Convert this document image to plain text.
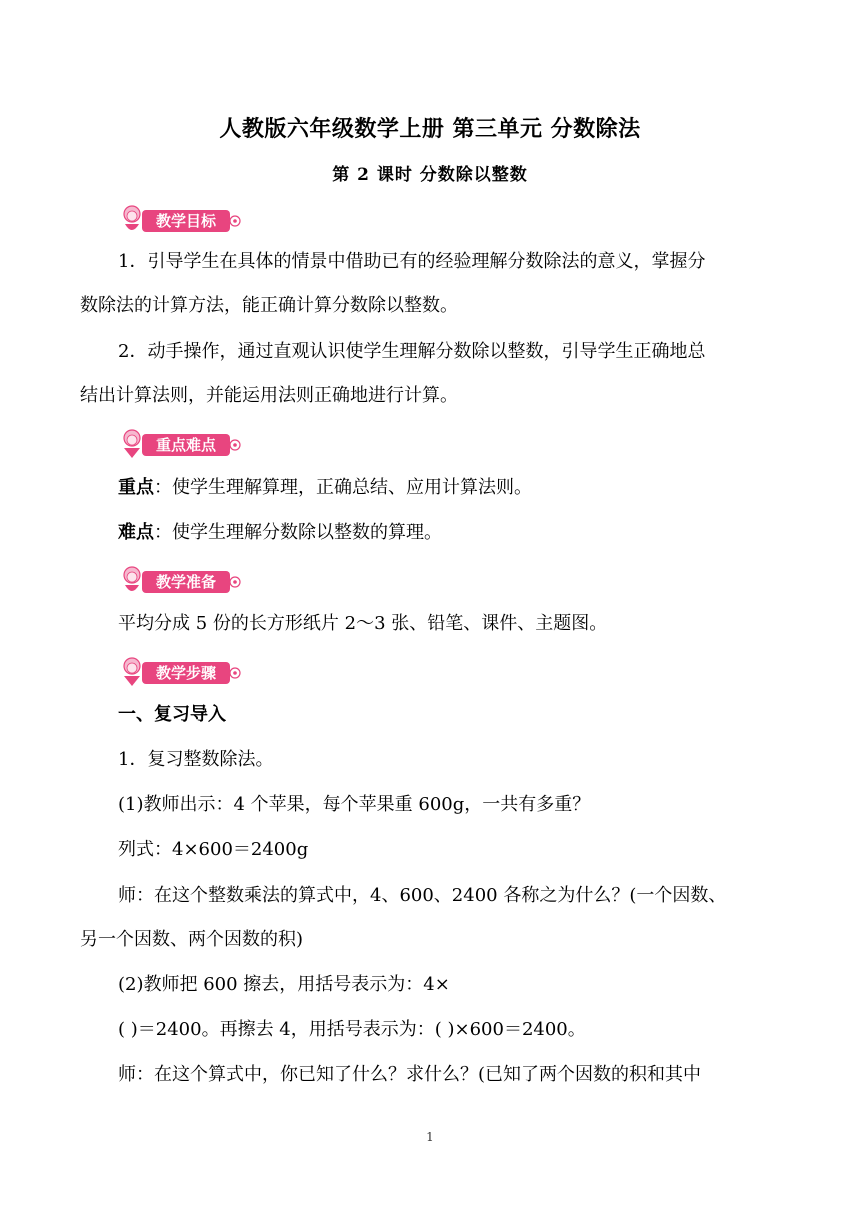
人教版六年级数学上册 第三单元 分数除法
第 2 课时 分数除以整数
教学目标
1．引导学生在具体的情景中借助已有的经验理解分数除法的意义，掌握分
数除法的计算方法，能正确计算分数除以整数。
2．动手操作，通过直观认识使学生理解分数除以整数，引导学生正确地总
结出计算法则，并能运用法则正确地进行计算。
重点难点
重点：使学生理解算理，正确总结、应用计算法则。
难点：使学生理解分数除以整数的算理。
教学准备
平均分成 5 份的长方形纸片 2～3 张、铅笔、课件、主题图。
教学步骤
一、复习导入
1．复习整数除法。
(1)教师出示：4 个苹果，每个苹果重 600g，一共有多重？
列式：4×600＝2400g
师：在这个整数乘法的算式中，4、600、2400 各称之为什么？(一个因数、
另一个因数、两个因数的积)
(2)教师把 600 擦去，用括号表示为：4×
( )＝2400。再擦去 4，用括号表示为：( )×600＝2400。
师：在这个算式中，你已知了什么？求什么？(已知了两个因数的积和其中
1
